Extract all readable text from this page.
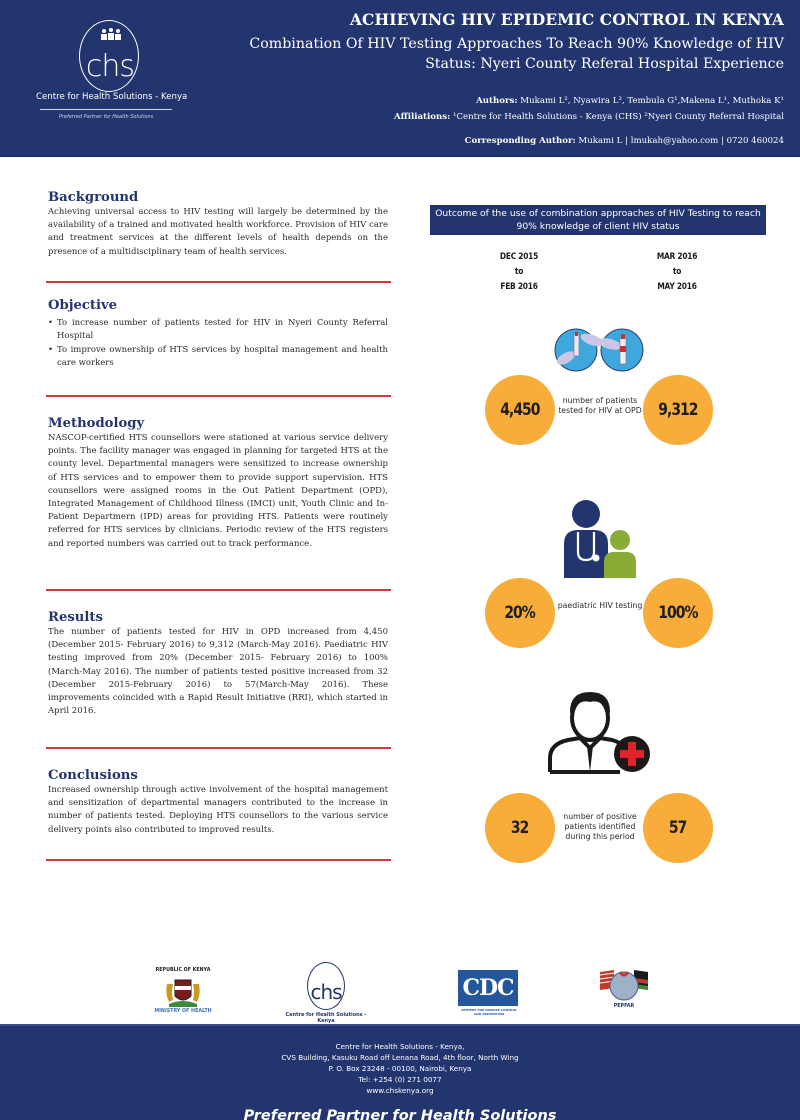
chs
Centre for Health Solutions - Kenya
Preferred Partner for Health Solutions
ACHIEVING HIV EPIDEMIC CONTROL IN KENYA
Combination Of HIV Testing Approaches To Reach 90% Knowledge of HIV Status: Nyeri County Referal Hospital Experience
Authors: Mukami L², Nyawira L², Tembula G¹,Makena L¹, Muthoka K¹
Affiliations: ¹Centre for Health Solutions - Kenya (CHS) ²Nyeri County Referral Hospital
Corresponding Author: Mukami L | lmukah@yahoo.com | 0720 460024
Background

Achieving universal access to HIV testing will largely be determined by the availability of a trained and motivated health workforce. Provision of HIV care and treatment services at the different levels of health depends on the presence of a multidisciplinary team of health services.

Objective
• To increase number of patients tested for HIV in Nyeri County Referral Hospital
• To improve ownership of HTS services by hospital management and health care workers
Methodology

NASCOP-certified HTS counsellors were stationed at various service delivery points. The facility manager was engaged in planning for targeted HTS at the county level. Departmental managers were sensitized to increase ownership of HTS services and to empower them to provide support supervision. HTS counsellors were assigned rooms in the Out Patient Department (OPD), Integrated Management of Childhood Illness (IMCI) unit, Youth Clinic and In-Patient Departmern (IPD) areas for providing HTS. Patients were routinely referred for HTS services by clinicians. Periodic review of the HTS registers and reported numbers was carried out to track performance.

Results

The number of patients tested for HIV in OPD increased from 4,450 (December 2015- February 2016) to 9,312 (March-May 2016). Paediatric HIV testing improved from 20% (December 2015- February 2016) to 100% (March-May 2016). The number of patients tested positive increased from 32 (December 2015-February 2016) to 57(March-May 2016). These improvements coincided with a Rapid Result Initiative (RRI), which started in April 2016.

Conclusions

Increased ownership through active involvement of the hospital management and sensitization of departmental managers contributed to the increase in number of patients tested. Deploying HTS counsellors to the various service delivery points also contributed to improved results.

Outcome of the use of combination approaches of HIV Testing to reach 90% knowledge of client HIV status
DEC 2015
to
FEB 2016
MAR 2016
to
MAY 2016
4,450	number of patients tested for HIV at OPD 9,312
20%	paediatric HIV testing 100%
32
number of positive patients identified during this period	57
REPUBLIC OF KENYA
MINISTRY OF HEALTH
chs
Centre for Health Solutions - Kenya
CDC
CENTERS FOR DISEASE CONTROL AND PREVENTION
PEPFAR
Centre for Health Solutions - Kenya,
CVS Building, Kasuku Road off Lenana Road, 4th floor, North Wing
P. O. Box 23248 - 00100, Nairobi, Kenya
Tel: +254 (0) 271 0077
www.chskenya.org
Preferred Partner for Health Solutions
